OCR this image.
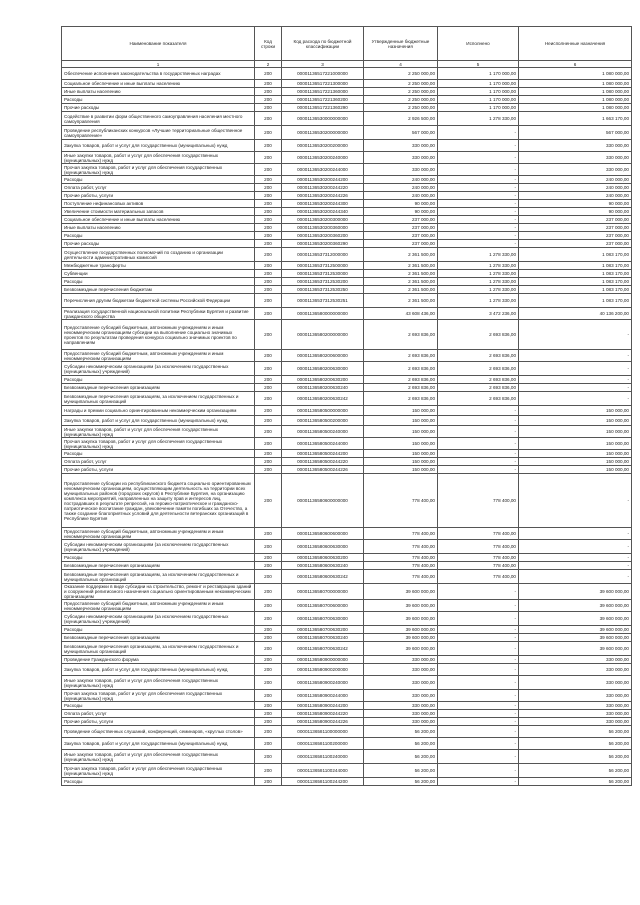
Наименование показателя	Код строки	Код расхода по бюджетной классификации	Утвержденные бюджетные назначения	Исполнено	Неисполненные назначения
1	2	3	4	5	6
Обеспечение исполнения законодательства в государственных наградах	200	00001136517221000000	2 250 000,00	1 170 000,00	1 080 000,00
Социальное обеспечение и иные выплаты населению	200	00001136517221300000	2 250 000,00	1 170 000,00	1 080 000,00
Иные выплаты населению	200	00001136517221360000	2 250 000,00	1 170 000,00	1 080 000,00
Расходы	200	00001136517221360200	2 250 000,00	1 170 000,00	1 080 000,00
Прочие расходы	200	00001136517221360290	2 250 000,00	1 170 000,00	1 080 000,00
Содействие в развитии форм общественного самоуправления населения местного самоуправления	200	00001136530000000000	2 926 500,00	1 278 330,00	1 663 170,00
Проведение республиканских конкурсов «Лучшие территориальные общественное самоуправление»	200	00001136530200000000	567 000,00	-	567 000,00
Закупка товаров, работ и услуг для государственных (муниципальных) нужд	200	00001136530200200000	330 000,00	-	330 000,00
Иные закупки товаров, работ и услуг для обеспечения государственных (муниципальных) нужд	200	00001136530200240000	330 000,00	-	330 000,00
Прочая закупка товаров, работ и услуг для обеспечения государственных (муниципальных) нужд	200	00001136530200244000	330 000,00	-	330 000,00
Расходы	200	00001136530200244200	240 000,00	-	240 000,00
Оплата работ, услуг	200	00001136530200244220	240 000,00	-	240 000,00
Прочие работы, услуги	200	00001136530200244226	240 000,00	-	240 000,00
Поступление нефинансовых активов	200	00001136530200244300	90 000,00	-	90 000,00
Увеличение стоимости материальных запасов	200	00001136530200244340	90 000,00	-	90 000,00
Социальное обеспечение и иные выплаты населению	200	00001136530200300000	237 000,00	-	237 000,00
Иные выплаты населению	200	00001136530200360000	237 000,00	-	237 000,00
Расходы	200	00001136530200360200	237 000,00	-	237 000,00
Прочие расходы	200	00001136530200360290	237 000,00	-	237 000,00
Осуществление государственных полномочий по созданию и организации деятельности административных комиссий	200	00001136537312000000	2 361 500,00	1 278 330,00	1 083 170,00
Межбюджетные трансферты	200	00001136537312500000	2 361 500,00	1 278 330,00	1 083 170,00
Субвенции	200	00001136537312530000	2 361 500,00	1 278 330,00	1 083 170,00
Расходы	200	00001136537312530200	2 361 500,00	1 278 330,00	1 083 170,00
Безвозмездные перечисления бюджетам	200	00001136537312530250	2 361 500,00	1 278 330,00	1 083 170,00
Перечисления другим бюджетам бюджетной системы Российской Федерации	200	00001136537312530251	2 361 500,00	1 278 330,00	1 083 170,00
Реализация государственной национальной политики Республики Бурятия и развитие гражданского общества	200	00001136580000000000	43 608 436,00	3 472 236,00	40 136 200,00
Предоставление субсидий бюджетным, автономным учреждениям и иным некоммерческим организациям субсидии на выполнение социально значимых проектов по результатам проведения конкурса социально значимых проектов по направлениям	200	00001136580200000000	2 693 836,00	2 693 836,00	-
Предоставление субсидий бюджетным, автономным учреждениям и иным некоммерческим организациям	200	00001136580200600000	2 693 836,00	2 693 836,00	-
Субсидии некоммерческим организациям (за исключением государственных (муниципальных) учреждений)	200	00001136580200630000	2 693 836,00	2 693 836,00	-
Расходы	200	00001136580200630200	2 693 836,00	2 693 836,00	-
Безвозмездные перечисления организациям	200	00001136580200630240	2 693 836,00	2 693 836,00	-
Безвозмездные перечисления организациям, за исключением государственных и муниципальных организаций	200	00001136580200630242	2 693 836,00	2 693 836,00	-
Награды и премии социально ориентированным некоммерческим организациям	200	00001136580500000000	150 000,00	-	150 000,00
Закупка товаров, работ и услуг для государственных (муниципальных) нужд	200	00001136580500200000	150 000,00	-	150 000,00
Иные закупки товаров, работ и услуг для обеспечения государственных (муниципальных) нужд	200	00001136580500240000	150 000,00	-	150 000,00
Прочая закупка товаров, работ и услуг для обеспечения государственных (муниципальных) нужд	200	00001136580500244000	150 000,00	-	150 000,00
Расходы	200	00001136580500244200	150 000,00	-	150 000,00
Оплата работ, услуг	200	00001136580500244220	150 000,00	-	150 000,00
Прочие работы, услуги	200	00001136580500244226	150 000,00	-	150 000,00
Предоставление субсидии из республиканского бюджета социально ориентированным некоммерческим организациям, осуществляющим деятельность на территории всех муниципальных районов (городских округов) в Республике Бурятия, на организацию комплекса мероприятий, направленных на защиту прав и интересов лиц, пострадавших в результате репрессий, на героико-патриотическое и гражданско-патриотическое воспитание граждан, увековечение памяти погибших за Отечество, а также создание благоприятных условий для деятельности ветеранских организаций в Республике Бурятия	200	00001136580600000000	778 400,00	778 400,00	-
Предоставление субсидий бюджетным, автономным учреждениям и иным некоммерческим организациям	200	00001136580600600000	778 400,00	778 400,00	-
Субсидии некоммерческим организациям (за исключением государственных (муниципальных) учреждений)	200	00001136580600630000	778 400,00	778 400,00	-
Расходы	200	00001136580600630200	778 400,00	778 400,00	-
Безвозмездные перечисления организациям	200	00001136580600630240	778 400,00	778 400,00	-
Безвозмездные перечисления организациям, за исключением государственных и муниципальных организаций	200	00001136580600630242	778 400,00	778 400,00	-
Оказание поддержки в виде субсидии на строительство, ремонт и реставрацию зданий и сооружений религиозного назначения социально ориентированным некоммерческим организациям	200	00001136580700000000	39 600 000,00	-	39 600 000,00
Предоставление субсидий бюджетным, автономным учреждениям и иным некоммерческим организациям	200	00001136580700600000	39 600 000,00	-	39 600 000,00
Субсидии некоммерческим организациям (за исключением государственных (муниципальных) учреждений)	200	00001136580700630000	39 600 000,00	-	39 600 000,00
Расходы	200	00001136580700630200	39 600 000,00	-	39 600 000,00
Безвозмездные перечисления организациям	200	00001136580700630240	39 600 000,00	-	39 600 000,00
Безвозмездные перечисления организациям, за исключением государственных и муниципальных организаций	200	00001136580700630242	39 600 000,00	-	39 600 000,00
Проведение Гражданского форума	200	00001136580900000000	330 000,00	-	330 000,00
Закупка товаров, работ и услуг для государственных (муниципальных) нужд	200	00001136580900200000	330 000,00	-	330 000,00
Иные закупки товаров, работ и услуг для обеспечения государственных (муниципальных) нужд	200	00001136580900240000	330 000,00	-	330 000,00
Прочая закупка товаров, работ и услуг для обеспечения государственных (муниципальных) нужд	200	00001136580900244000	330 000,00	-	330 000,00
Расходы	200	00001136580900244200	330 000,00	-	330 000,00
Оплата работ, услуг	200	00001136580900244220	330 000,00	-	330 000,00
Прочие работы, услуги	200	00001136580900244226	330 000,00	-	330 000,00
Проведение общественных слушаний, конференций, семинаров, «круглых столов»	200	00001136581100000000	56 200,00	-	56 200,00
Закупка товаров, работ и услуг для государственных (муниципальных) нужд	200	00001136581100200000	56 200,00	-	56 200,00
Иные закупки товаров, работ и услуг для обеспечения государственных (муниципальных) нужд	200	00001136581100240000	56 200,00	-	56 200,00
Прочая закупка товаров, работ и услуг для обеспечения государственных (муниципальных) нужд	200	00001136581100244000	56 200,00	-	56 200,00
Расходы	200	00001136581100244200	56 200,00	-	56 200,00
